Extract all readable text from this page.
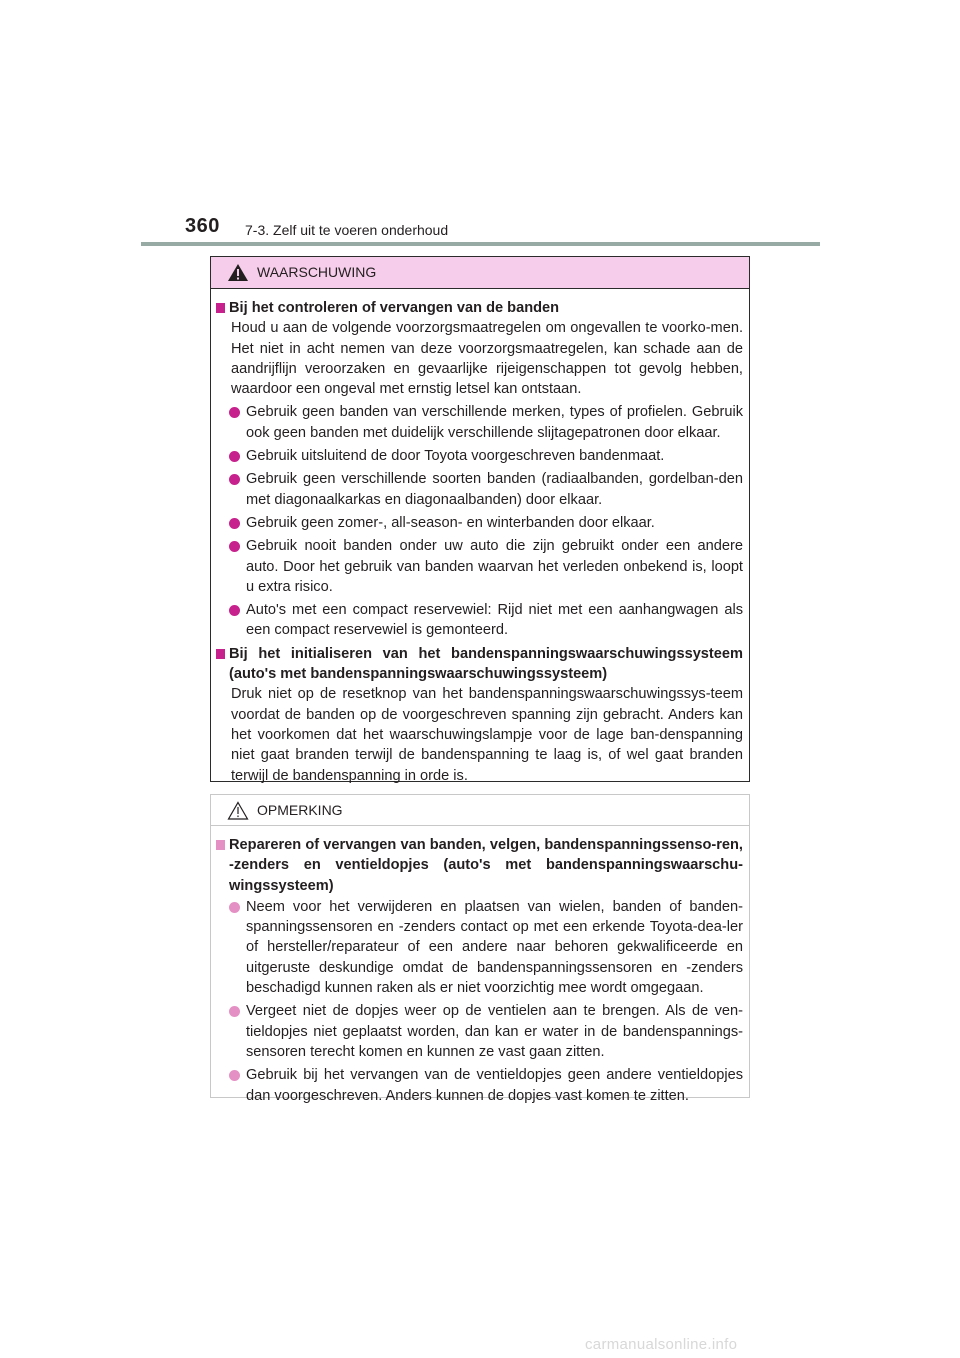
360 7-3. Zelf uit te voeren onderhoud
WAARSCHUWING
Bij het controleren of vervangen van de banden
Houd u aan de volgende voorzorgsmaatregelen om ongevallen te voorko-men. Het niet in acht nemen van deze voorzorgsmaatregelen, kan schade aan de aandrijflijn veroorzaken en gevaarlijke rijeigenschappen tot gevolg hebben, waardoor een ongeval met ernstig letsel kan ontstaan.
Gebruik geen banden van verschillende merken, types of profielen. Gebruik ook geen banden met duidelijk verschillende slijtagepatronen door elkaar.
Gebruik uitsluitend de door Toyota voorgeschreven bandenmaat.
Gebruik geen verschillende soorten banden (radiaalbanden, gordelban-den met diagonaalkarkas en diagonaalbanden) door elkaar.
Gebruik geen zomer-, all-season- en winterbanden door elkaar.
Gebruik nooit banden onder uw auto die zijn gebruikt onder een andere auto. Door het gebruik van banden waarvan het verleden onbekend is, loopt u extra risico.
Auto's met een compact reservewiel: Rijd niet met een aanhangwagen als een compact reservewiel is gemonteerd.
Bij het initialiseren van het bandenspanningswaarschuwingssysteem (auto's met bandenspanningswaarschuwingssysteem)
Druk niet op de resetknop van het bandenspanningswaarschuwingssys-teem voordat de banden op de voorgeschreven spanning zijn gebracht. Anders kan het voorkomen dat het waarschuwingslampje voor de lage ban-denspanning niet gaat branden terwijl de bandenspanning te laag is, of wel gaat branden terwijl de bandenspanning in orde is.
OPMERKING
Repareren of vervangen van banden, velgen, bandenspanningssenso-ren, -zenders en ventieldopjes (auto's met bandenspanningswaarschu-wingssysteem)
Neem voor het verwijderen en plaatsen van wielen, banden of banden-spanningssensoren en -zenders contact op met een erkende Toyota-dea-ler of hersteller/reparateur of een andere naar behoren gekwalificeerde en uitgeruste deskundige omdat de bandenspanningssensoren en -zenders beschadigd kunnen raken als er niet voorzichtig mee wordt omgegaan.
Vergeet niet de dopjes weer op de ventielen aan te brengen. Als de ven-tieldopjes niet geplaatst worden, dan kan er water in de bandenspannings-sensoren terecht komen en kunnen ze vast gaan zitten.
Gebruik bij het vervangen van de ventieldopjes geen andere ventieldopjes dan voorgeschreven. Anders kunnen de dopjes vast komen te zitten.
carmanualsonline.info
